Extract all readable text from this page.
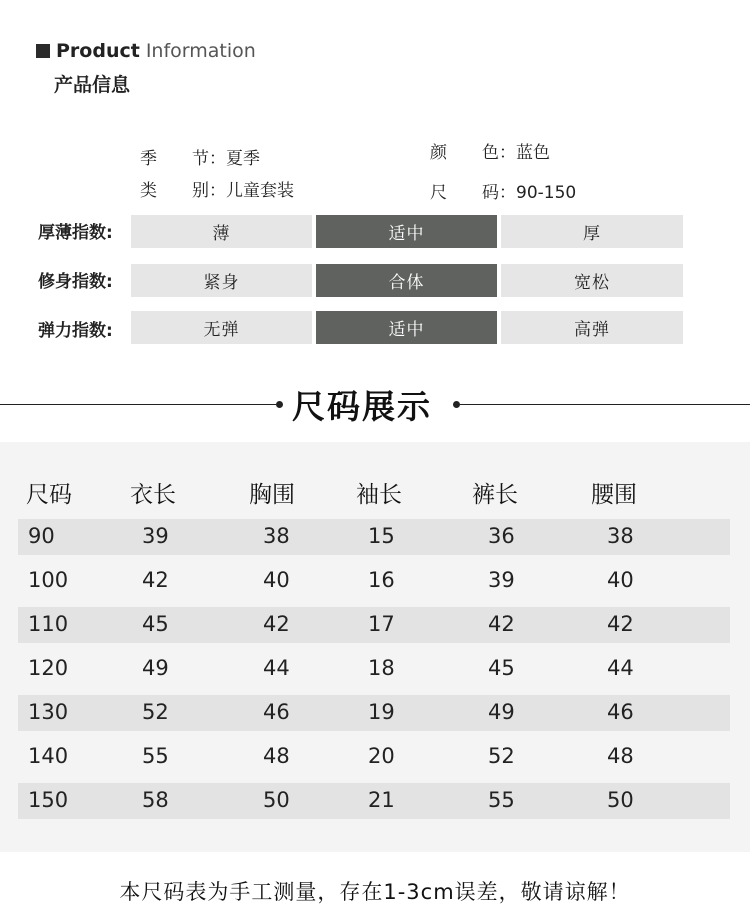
Product Information
产品信息
季 节：夏季
类 别：儿童套装
颜 色：蓝色
尺 码：90-150
厚薄指数:	薄	适中	厚
修身指数:	紧身	合体	宽松
弹力指数:	无弹	适中	高弹
尺码展示
尺码	衣长	胸围	袖长	裤长	腰围
90	39	38	15	36	38
100	42	40	16	39	40
110	45	42	17	42	42
120	49	44	18	45	44
130	52	46	19	49	46
140	55	48	20	52	48
150	58	50	21	55	50
本尺码表为手工测量，存在1-3cm误差，敬请谅解！
